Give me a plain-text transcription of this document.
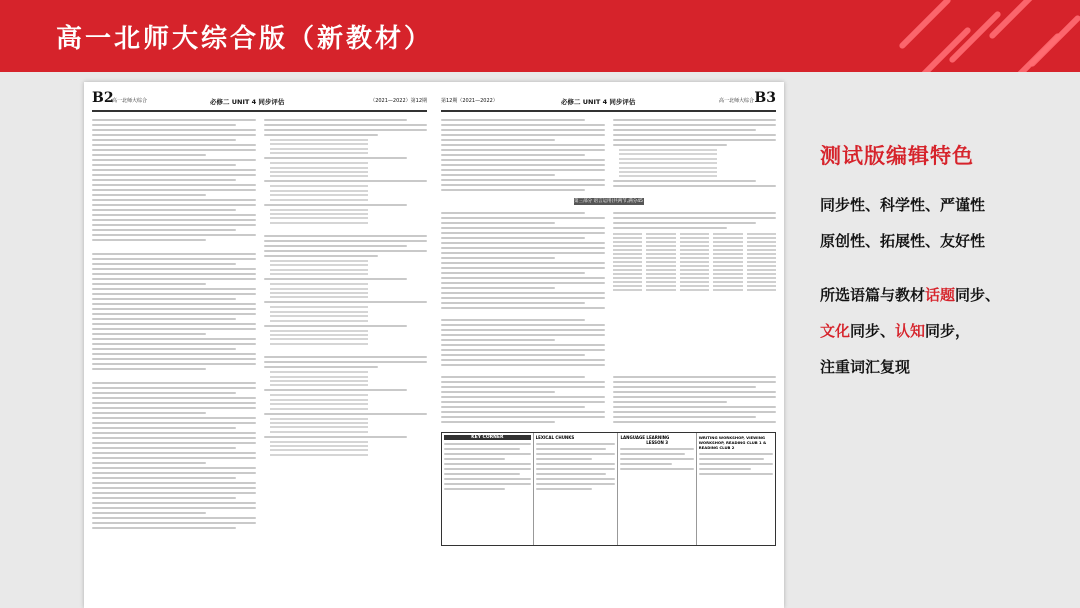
高一北师大综合版（新教材）
B2
高一北师大综合	必修二 UNIT 4 同步评估	（2021—2022）第12期	第12期（2021—2022）	必修二 UNIT 4 同步评估	高一北师大综合 B3
第三部分 语言运用(共两节,满分45分)
KEY CORNER	LEXICAL CHUNKS	LANGUAGE LEARNING
LESSON 3
WRITING WORKSHOP, VIEWING WORKSHOP, READING CLUB 1 & READING CLUB 2
测试版编辑特色
同步性、科学性、严谨性
原创性、拓展性、友好性
所选语篇与教材话题同步、
文化同步、认知同步，
注重词汇复现
